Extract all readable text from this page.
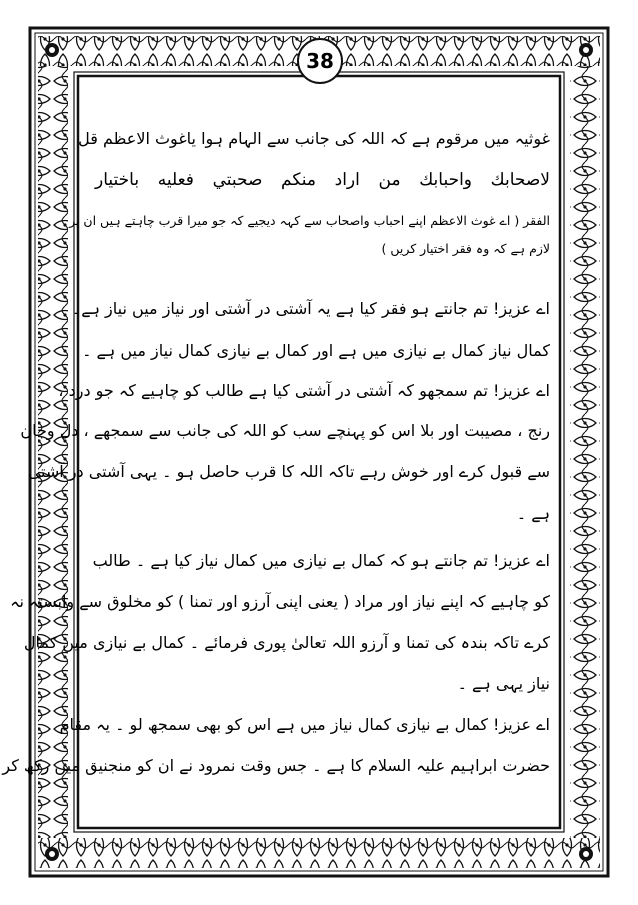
38
غوثیہ میں مرقوم ہے کہ اللہ کی جانب سے الہام ہوا یاغوث الاعظم قل
لاصحابك واحبابك من اراد منكم صحبتي فعليه باختيار
الفقر ( اے غوث الاعظم اپنے احباب واصحاب سے کہہ دیجیے کہ جو میرا قرب چاہتے ہیں ان پر
لازم ہے کہ وہ فقر اختیار کریں )
اے عزیز! تم جانتے ہو فقر کیا ہے یہ آشتی در آشتی اور نیاز میں نیاز ہے۔
کمال نیاز کمال بے نیازی میں ہے اور کمال بے نیازی کمال نیاز میں ہے ۔
اے عزیز! تم سمجھو کہ آشتی در آشتی کیا ہے طالب کو چاہیے کہ جو درد ،
رنج ، مصیبت اور بلا اس کو پہنچے سب کو اللہ کی جانب سے سمجھے ، دل وجان
سے قبول کرے اور خوش رہے تاکہ اللہ کا قرب حاصل ہو ۔ یہی آشتی در آشتی
ہے ۔
اے عزیز! تم جانتے ہو کہ کمال بے نیازی میں کمال نیاز کیا ہے ۔ طالب
کو چاہیے کہ اپنے نیاز اور مراد ( یعنی اپنی آرزو اور تمنا ) کو مخلوق سے وابستہ نہ
کرے تاکہ بندہ کی تمنا و آرزو اللہ تعالیٰ پوری فرمائے ۔ کمال بے نیازی میں کمال
نیاز یہی ہے ۔
اے عزیز! کمال بے نیازی کمال نیاز میں ہے اس کو بھی سمجھ لو ۔ یہ مقام
حضرت ابراہیم علیہ السلام کا ہے ۔ جس وقت نمرود نے ان کو منجنیق میں رکھ کر
